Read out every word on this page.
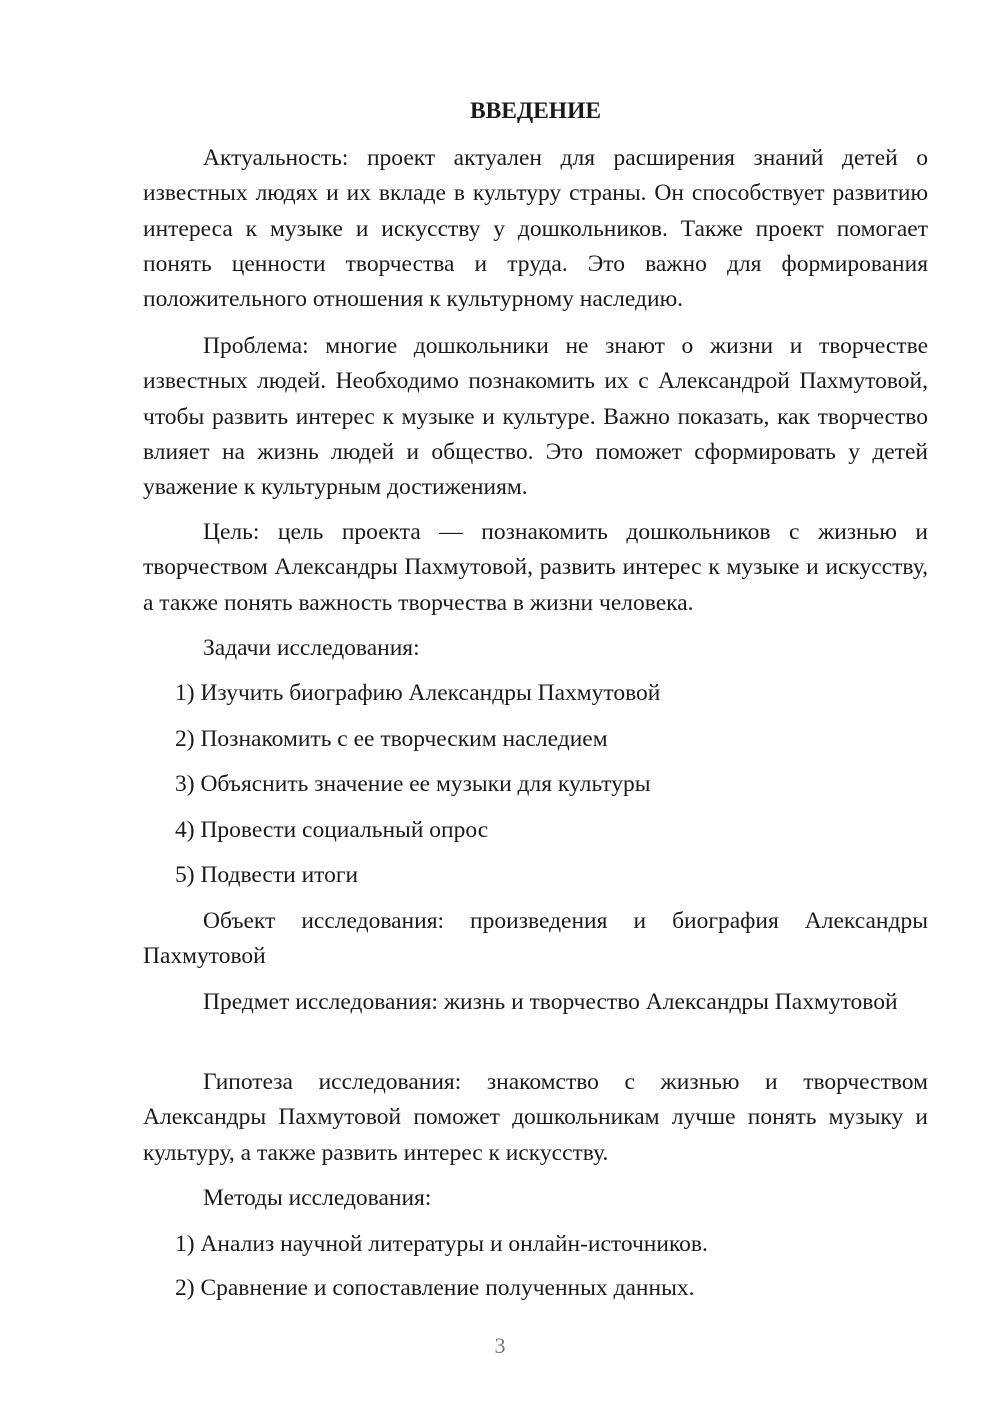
ВВЕДЕНИЕ

Актуальность: проект актуален для расширения знаний детей о известных людях и их вкладе в культуру страны. Он способствует развитию интереса к музыке и искусству у дошкольников. Также проект помогает понять ценности творчества и труда. Это важно для формирования положительного отношения к культурному наследию.

Проблема: многие дошкольники не знают о жизни и творчестве известных людей. Необходимо познакомить их с Александрой Пахмутовой, чтобы развить интерес к музыке и культуре. Важно показать, как творчество влияет на жизнь людей и общество. Это поможет сформировать у детей уважение к культурным достижениям.

Цель: цель проекта — познакомить дошкольников с жизнью и творчеством Александры Пахмутовой, развить интерес к музыке и искусству, а также понять важность творчества в жизни человека.

Задачи исследования:

1) Изучить биографию Александры Пахмутовой

2) Познакомить с ее творческим наследием

3) Объяснить значение ее музыки для культуры

4) Провести социальный опрос

5) Подвести итоги

Объект исследования: произведения и биография Александры Пахмутовой

Предмет исследования: жизнь и творчество Александры Пахмутовой

Гипотеза исследования: знакомство с жизнью и творчеством Александры Пахмутовой поможет дошкольникам лучше понять музыку и культуру, а также развить интерес к искусству.

Методы исследования:

1) Анализ научной литературы и онлайн-источников.

2) Сравнение и сопоставление полученных данных.

3
